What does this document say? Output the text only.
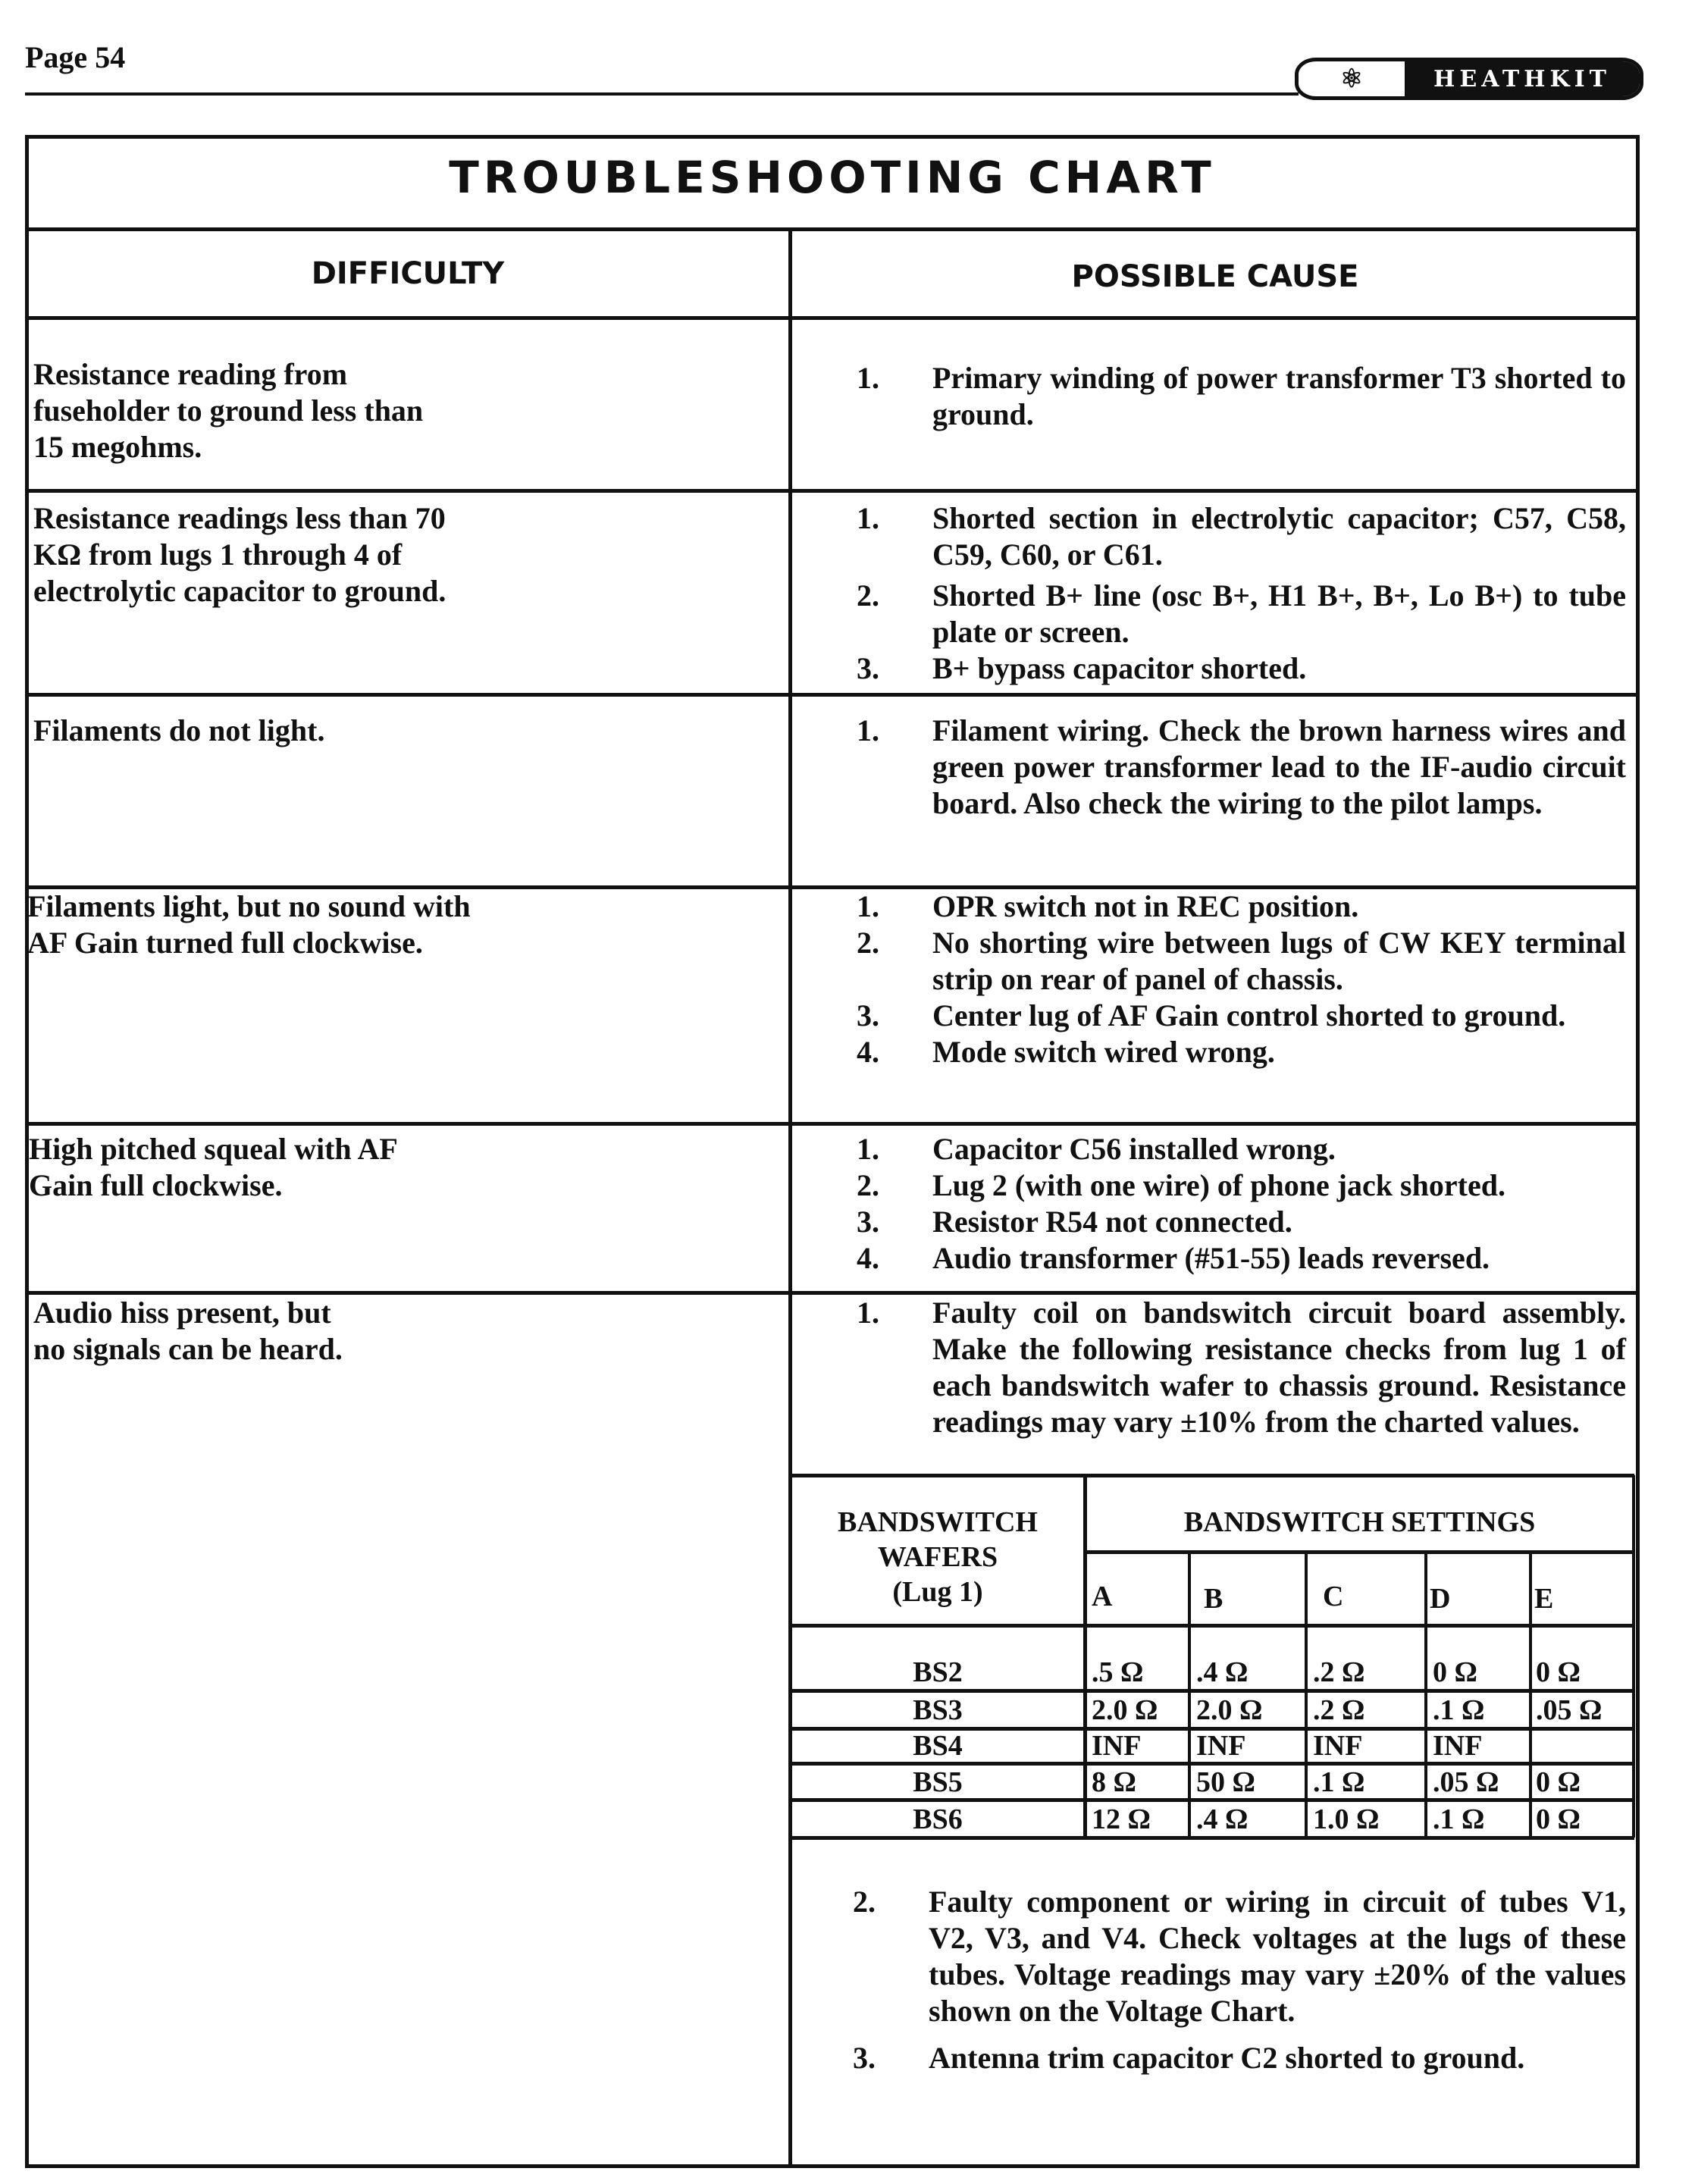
Page 54
⚛	HEATHKIT
TROUBLESHOOTING CHART
DIFFICULTY	POSSIBLE CAUSE
Resistance reading from fuseholder to ground less than 15 megohms.
1.	Primary winding of power transformer T3 shorted to ground.
Resistance readings less than 70 KΩ from lugs 1 through 4 of electrolytic capacitor to ground.
1.	Shorted section in electrolytic capacitor; C57, C58, C59, C60, or C61.
2.	Shorted B+ line (osc B+, H1 B+, B+, Lo B+) to tube plate or screen.
3.	B+ bypass capacitor shorted.
Filaments do not light.	1.	Filament wiring. Check the brown harness wires and green power transformer lead to the IF-audio circuit board. Also check the wiring to the pilot lamps.
Filaments light, but no sound with AF Gain turned full clockwise.
1.	OPR switch not in REC position.
2.	No shorting wire between lugs of CW KEY terminal strip on rear of panel of chassis.
3.	Center lug of AF Gain control shorted to ground.
4.	Mode switch wired wrong.
High pitched squeal with AF Gain full clockwise.
1.	Capacitor C56 installed wrong.
2.	Lug 2 (with one wire) of phone jack shorted.
3.	Resistor R54 not connected.
4.	Audio transformer (#51-55) leads reversed.
Audio hiss present, but no signals can be heard.
1.	Faulty coil on bandswitch circuit board assembly. Make the following resistance checks from lug 1 of each bandswitch wafer to chassis ground. Resistance readings may vary ±10% from the charted values.
BANDSWITCH
WAFERS
(Lug 1)
BANDSWITCH SETTINGS
A	B	C	D	E
BS2	.5 Ω .4 Ω .2 Ω 0 Ω 0 Ω
BS3	2.0 Ω 2.0 Ω .2 Ω .1 Ω .05 Ω
BS4	INF INF INF INF
BS5	8 Ω 50 Ω .1 Ω .05 Ω 0 Ω
BS6	12 Ω .4 Ω 1.0 Ω .1 Ω 0 Ω
2.	Faulty component or wiring in circuit of tubes V1, V2, V3, and V4. Check voltages at the lugs of these tubes. Voltage readings may vary ±20% of the values shown on the Voltage Chart.
3.	Antenna trim capacitor C2 shorted to ground.
